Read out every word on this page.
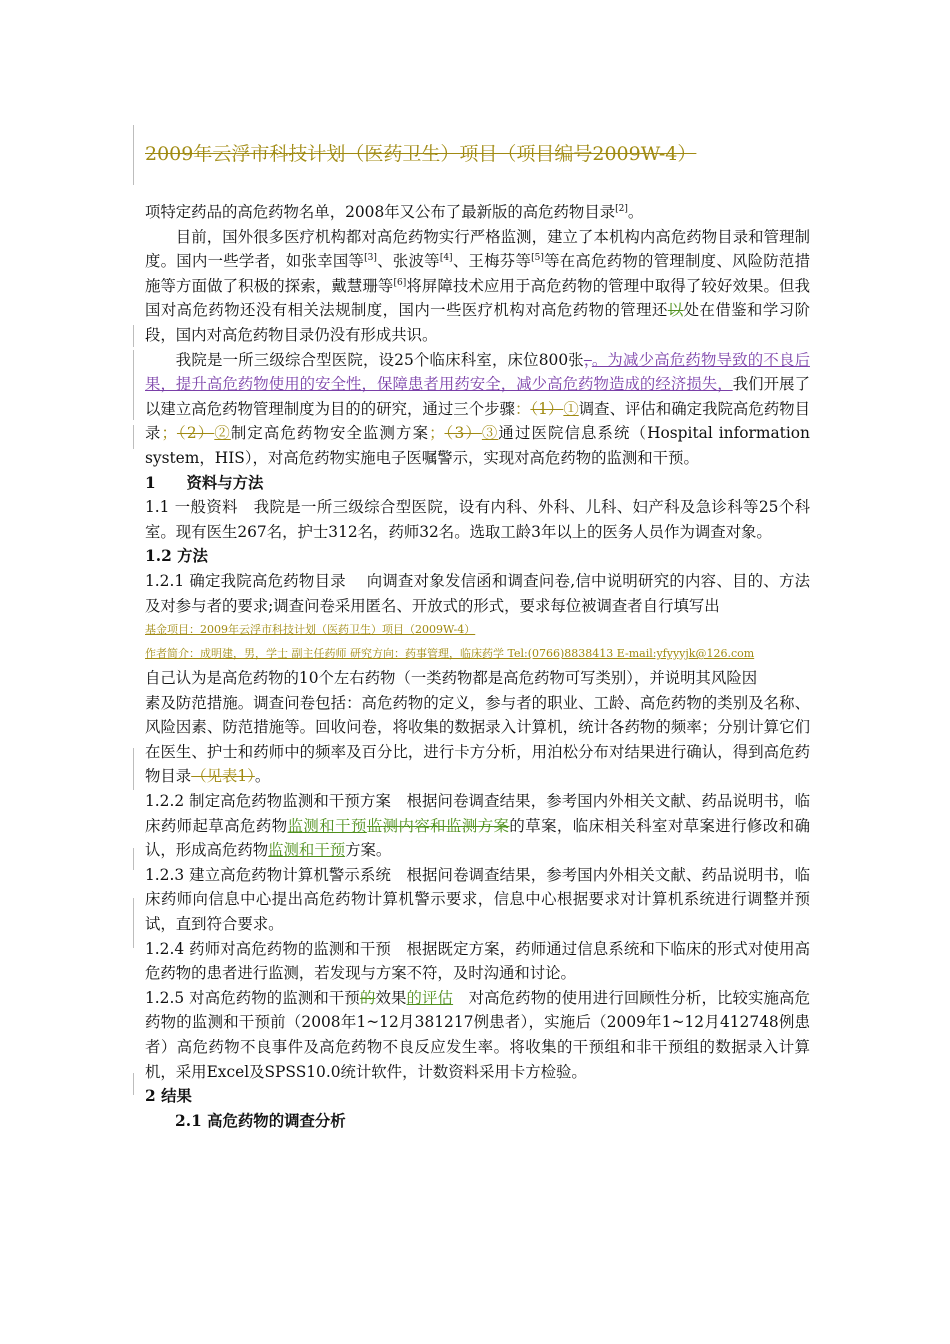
2009年云浮市科技计划（医药卫生）项目（项目编号2009W-4）

项特定药品的高危药物名单，2008年又公布了最新版的高危药物目录[2]。

目前，国外很多医疗机构都对高危药物实行严格监测，建立了本机构内高危药物目录和管理制度。国内一些学者，如张幸国等[3]、张波等[4]、王梅芬等[5]等在高危药物的管理制度、风险防范措施等方面做了积极的探索，戴慧珊等[6]将屏障技术应用于高危药物的管理中取得了较好效果。但我国对高危药物还没有相关法规制度，国内一些医疗机构对高危药物的管理还以处在借鉴和学习阶段，国内对高危药物目录仍没有形成共识。

我院是一所三级综合型医院，设25个临床科室，床位800张，。为减少高危药物导致的不良后果，提升高危药物使用的安全性，保障患者用药安全，减少高危药物造成的经济损失，我们开展了以建立高危药物管理制度为目的的研究，通过三个步骤：（1）①调查、评估和确定我院高危药物目录；（2）②制定高危药物安全监测方案；（3）③通过医院信息系统（Hospital information system，HIS），对高危药物实施电子医嘱警示，实现对高危药物的监测和干预。

1　　资料与方法

1.1 一般资料　我院是一所三级综合型医院，设有内科、外科、儿科、妇产科及急诊科等25个科室。现有医生267名，护士312名，药师32名。选取工龄3年以上的医务人员作为调查对象。

1.2 方法

1.2.1 确定我院高危药物目录　 向调查对象发信函和调查问卷,信中说明研究的内容、目的、方法及对参与者的要求;调查问卷采用匿名、开放式的形式，要求每位被调查者自行填写出

基金项目：2009年云浮市科技计划（医药卫生）项目（2009W-4）

作者简介：成明建，男，学士 副主任药师 研究方向：药事管理，临床药学 Tel:(0766)8838413 E-mail:yfyyyjk@126.com

自己认为是高危药物的10个左右药物（一类药物都是高危药物可写类别），并说明其风险因

素及防范措施。调查问卷包括：高危药物的定义，参与者的职业、工龄、高危药物的类别及名称、风险因素、防范措施等。回收问卷，将收集的数据录入计算机，统计各药物的频率；分别计算它们在医生、护士和药师中的频率及百分比，进行卡方分析，用泊松分布对结果进行确认，得到高危药物目录（见表1）。

1.2.2 制定高危药物监测和干预方案　根据问卷调查结果，参考国内外相关文献、药品说明书，临床药师起草高危药物监测和干预监测内容和监测方案的草案，临床相关科室对草案进行修改和确认，形成高危药物监测和干预方案。

1.2.3 建立高危药物计算机警示系统　根据问卷调查结果，参考国内外相关文献、药品说明书，临床药师向信息中心提出高危药物计算机警示要求，信息中心根据要求对计算机系统进行调整并预试，直到符合要求。

1.2.4 药师对高危药物的监测和干预　根据既定方案，药师通过信息系统和下临床的形式对使用高危药物的患者进行监测，若发现与方案不符，及时沟通和讨论。

1.2.5 对高危药物的监测和干预的效果的评估　对高危药物的使用进行回顾性分析，比较实施高危药物的监测和干预前（2008年1~12月381217例患者），实施后（2009年1~12月412748例患者）高危药物不良事件及高危药物不良反应发生率。将收集的干预组和非干预组的数据录入计算机，采用Excel及SPSS10.0统计软件，计数资料采用卡方检验。

2 结果

2.1 高危药物的调查分析
